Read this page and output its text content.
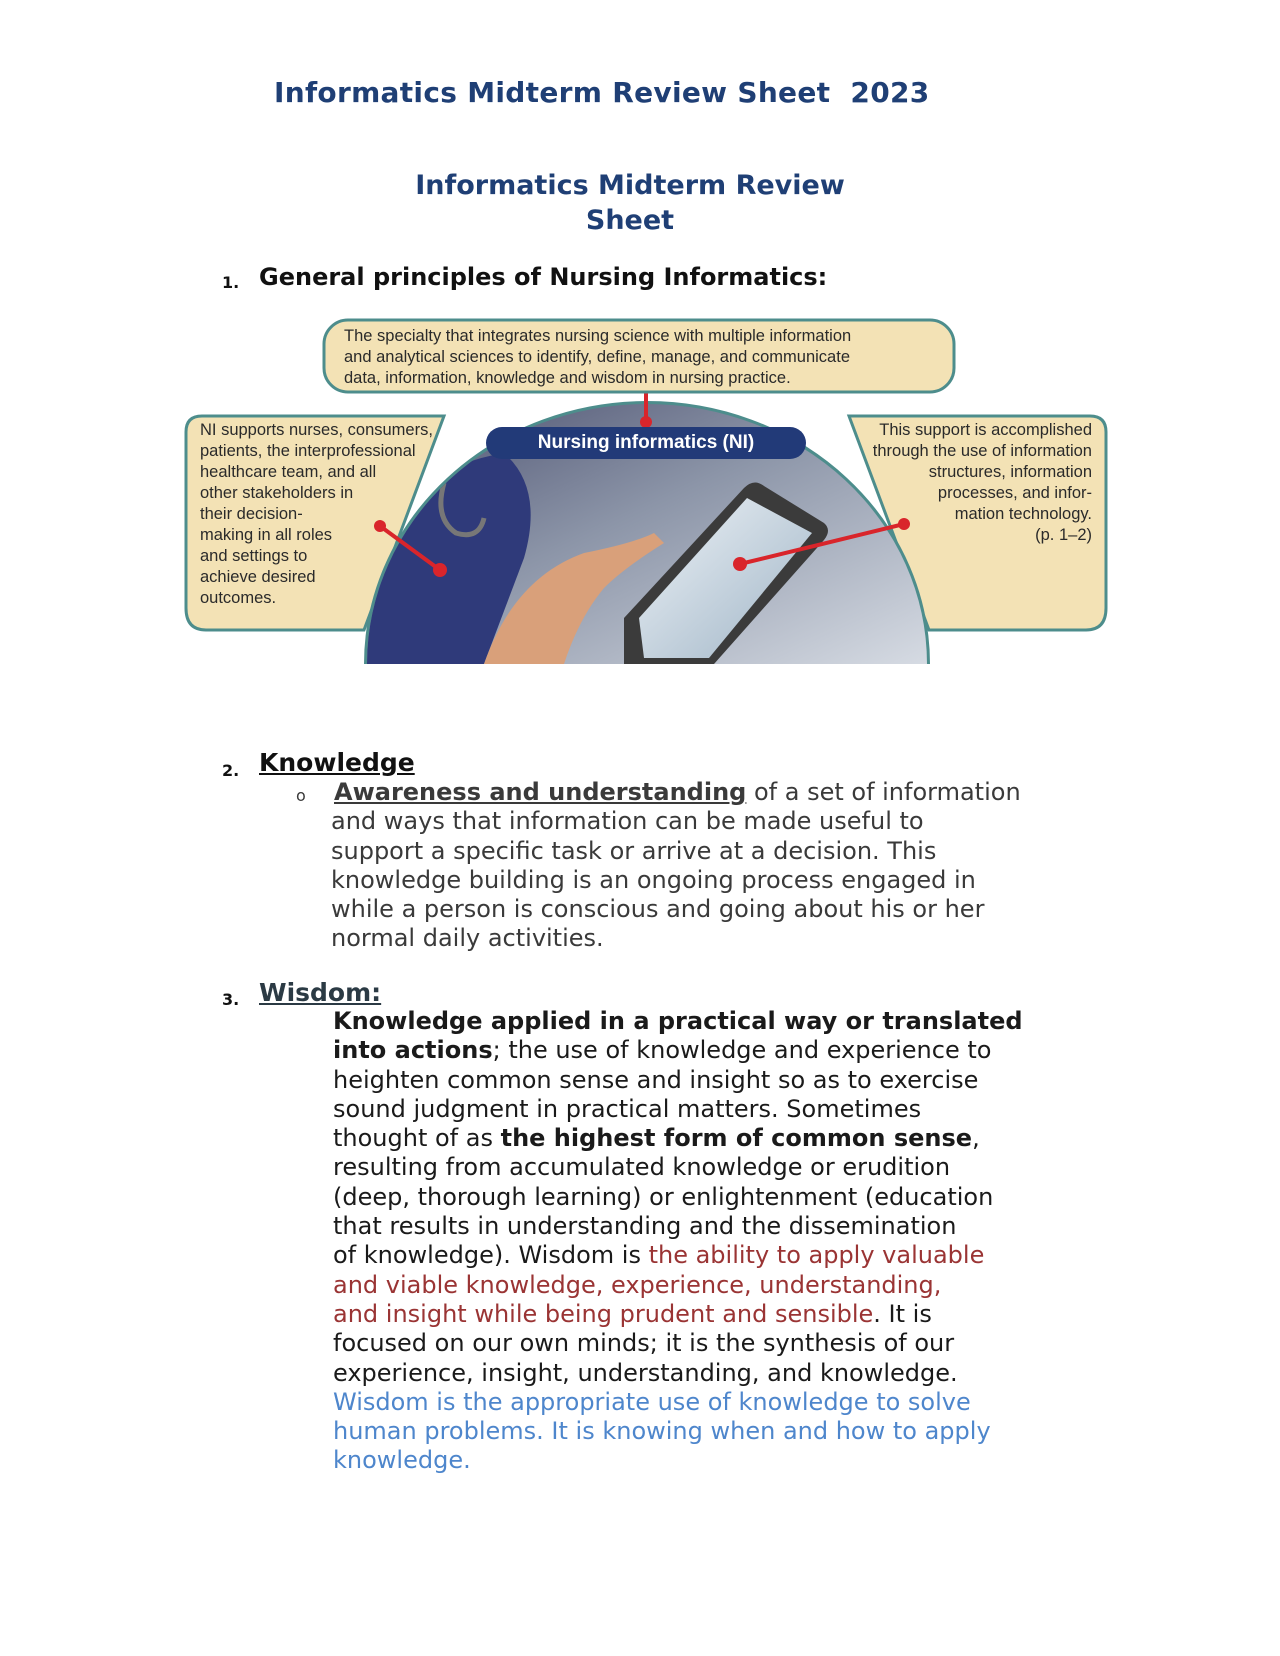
Informatics Midterm Review Sheet  2023
Informatics Midterm Review
Sheet
1. General principles of Nursing Informatics:
The specialty that integrates nursing science with multiple information
and analytical sciences to identify, define, manage, and communicate
data, information, knowledge and wisdom in nursing practice.
Nursing informatics (NI)
NI supports nurses, consumers,
patients, the interprofessional
healthcare team, and all
other stakeholders in
their decision-
making in all roles
and settings to
achieve desired
outcomes.
This support is accomplished
through the use of information
structures, information
processes, and infor-
mation technology.
(p. 1–2)
2. Knowledge
o Awareness and understanding of a set of information
and ways that information can be made useful to
support a specific task or arrive at a decision. This
knowledge building is an ongoing process engaged in
while a person is conscious and going about his or her
normal daily activities.
3. Wisdom:
Knowledge applied in a practical way or translated
into actions; the use of knowledge and experience to
heighten common sense and insight so as to exercise
sound judgment in practical matters. Sometimes
thought of as the highest form of common sense,
resulting from accumulated knowledge or erudition
(deep, thorough learning) or enlightenment (education
that results in understanding and the dissemination
of knowledge). Wisdom is the ability to apply valuable
and viable knowledge, experience, understanding,
and insight while being prudent and sensible. It is
focused on our own minds; it is the synthesis of our
experience, insight, understanding, and knowledge.
Wisdom is the appropriate use of knowledge to solve
human problems. It is knowing when and how to apply
knowledge.
